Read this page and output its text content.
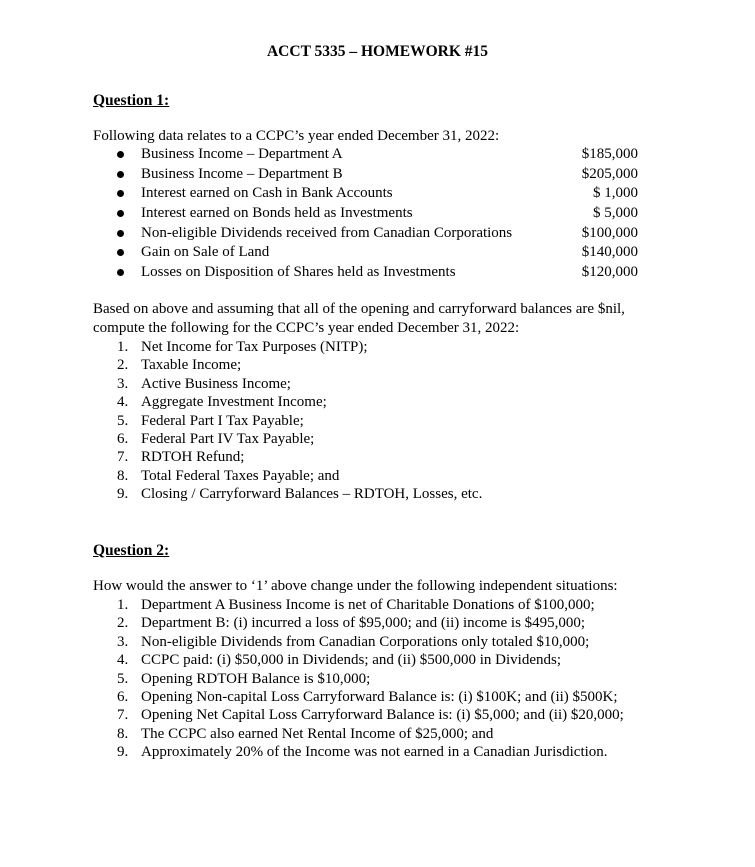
ACCT 5335 – HOMEWORK #15
Question 1:
Following data relates to a CCPC’s year ended December 31, 2022:
Business Income – Department A	$185,000
Business Income – Department B	$205,000
Interest earned on Cash in Bank Accounts	$ 1,000
Interest earned on Bonds held as Investments	$ 5,000
Non-eligible Dividends received from Canadian Corporations	$100,000
Gain on Sale of Land	$140,000
Losses on Disposition of Shares held as Investments	$120,000
Based on above and assuming that all of the opening and carryforward balances are $nil,
compute the following for the CCPC’s year ended December 31, 2022:
1. Net Income for Tax Purposes (NITP);
2. Taxable Income;
3. Active Business Income;
4. Aggregate Investment Income;
5. Federal Part I Tax Payable;
6. Federal Part IV Tax Payable;
7. RDTOH Refund;
8. Total Federal Taxes Payable; and
9. Closing / Carryforward Balances – RDTOH, Losses, etc.
Question 2:
How would the answer to ‘1’ above change under the following independent situations:
1. Department A Business Income is net of Charitable Donations of $100,000;
2. Department B: (i) incurred a loss of $95,000; and (ii) income is $495,000;
3. Non-eligible Dividends from Canadian Corporations only totaled $10,000;
4. CCPC paid: (i) $50,000 in Dividends; and (ii) $500,000 in Dividends;
5. Opening RDTOH Balance is $10,000;
6. Opening Non-capital Loss Carryforward Balance is: (i) $100K; and (ii) $500K;
7. Opening Net Capital Loss Carryforward Balance is: (i) $5,000; and (ii) $20,000;
8. The CCPC also earned Net Rental Income of $25,000; and
9. Approximately 20% of the Income was not earned in a Canadian Jurisdiction.
